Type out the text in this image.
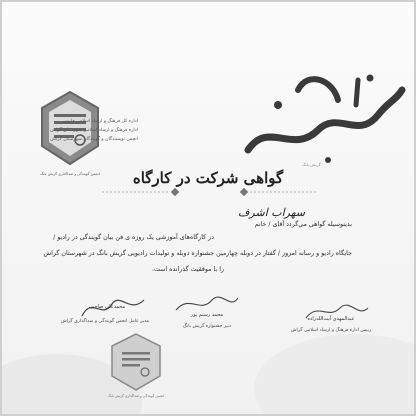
انجمن گویندگی و صداگذاری گریش بانگ
اداره کل فرهنگ و ارشاد اسلامی فارس
اداره فرهنگ و ارشاد اسلامی شهرستان گراش
انجمن نویسندگان و گویندگان شهرستان گراش
گریش بانگ
گواهی شرکت در کارگاه
سهراب اشرف
بدینوسیله گواهی می‌گردد آقای / خانم
در کارگاه‌های آموزشی یک روزه ی فن بیان گویندگی در رادیو /
جایگاه رادیو و رسانه امروز / گفتار در دوبله چهارمین جشنواره دوبله و تولیدات رادیویی گریش بانگ در شهرستان گراش
را با موفقیت گذرانده است.
محمدعلی صاحبی
مدیر عامل انجمن گویندگی و صداگذاری گراش
محمد رستم پور
دبیر جشنواره گریش بانگ
عبدالمهدی آیت‌الله‌زاده
رییس اداره فرهنگ و ارشاد اسلامی گراش
انجمن گویندگی و صداگذاری گریش بانگ
